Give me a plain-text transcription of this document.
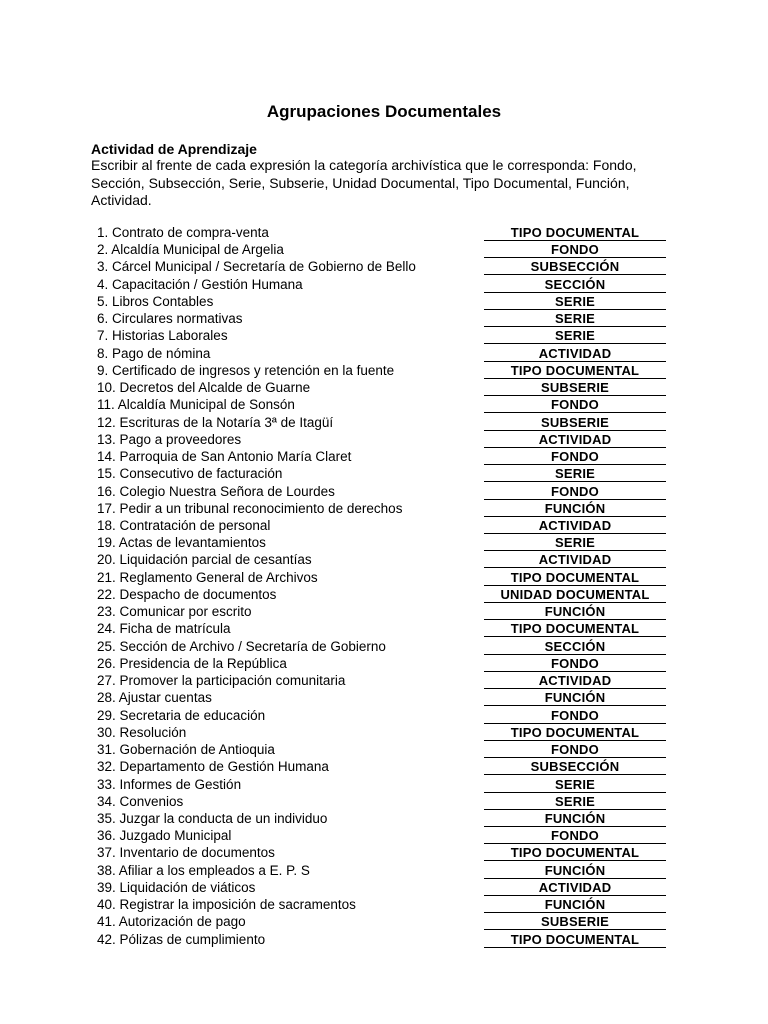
Agrupaciones Documentales
Actividad de Aprendizaje
Escribir al frente de cada expresión la categoría archivística que le corresponda: Fondo, Sección, Subsección, Serie, Subserie, Unidad Documental, Tipo Documental, Función, Actividad.
1. Contrato de compra-venta	TIPO DOCUMENTAL
2. Alcaldía Municipal de Argelia	FONDO
3. Cárcel Municipal / Secretaría de Gobierno de Bello	SUBSECCIÓN
4. Capacitación / Gestión Humana	SECCIÓN
5. Libros Contables	SERIE
6. Circulares normativas	SERIE
7. Historias Laborales	SERIE
8. Pago de nómina	ACTIVIDAD
9. Certificado de ingresos y retención en la fuente	TIPO DOCUMENTAL
10. Decretos del Alcalde de Guarne	SUBSERIE
11. Alcaldía Municipal de Sonsón	FONDO
12. Escrituras de la Notaría 3ª de Itagüí	SUBSERIE
13. Pago a proveedores	ACTIVIDAD
14. Parroquia de San Antonio María Claret	FONDO
15. Consecutivo de facturación	SERIE
16. Colegio Nuestra Señora de Lourdes	FONDO
17. Pedir a un tribunal reconocimiento de derechos	FUNCIÓN
18. Contratación de personal	ACTIVIDAD
19. Actas de levantamientos	SERIE
20. Liquidación parcial de cesantías	ACTIVIDAD
21. Reglamento General de Archivos	TIPO DOCUMENTAL
22. Despacho de documentos	UNIDAD DOCUMENTAL
23. Comunicar por escrito	FUNCIÓN
24. Ficha de matrícula	TIPO DOCUMENTAL
25. Sección de Archivo / Secretaría de Gobierno	SECCIÓN
26. Presidencia de la República	FONDO
27. Promover la participación comunitaria	ACTIVIDAD
28. Ajustar cuentas	FUNCIÓN
29. Secretaria de educación	FONDO
30. Resolución	TIPO DOCUMENTAL
31. Gobernación de Antioquia	FONDO
32. Departamento de Gestión Humana	SUBSECCIÓN
33. Informes de Gestión	SERIE
34. Convenios	SERIE
35. Juzgar la conducta de un individuo	FUNCIÓN
36. Juzgado Municipal	FONDO
37. Inventario de documentos	TIPO DOCUMENTAL
38. Afiliar a los empleados a E. P. S	FUNCIÓN
39. Liquidación de viáticos	ACTIVIDAD
40. Registrar la imposición de sacramentos	FUNCIÓN
41. Autorización de pago	SUBSERIE
42. Pólizas de cumplimiento	TIPO DOCUMENTAL
